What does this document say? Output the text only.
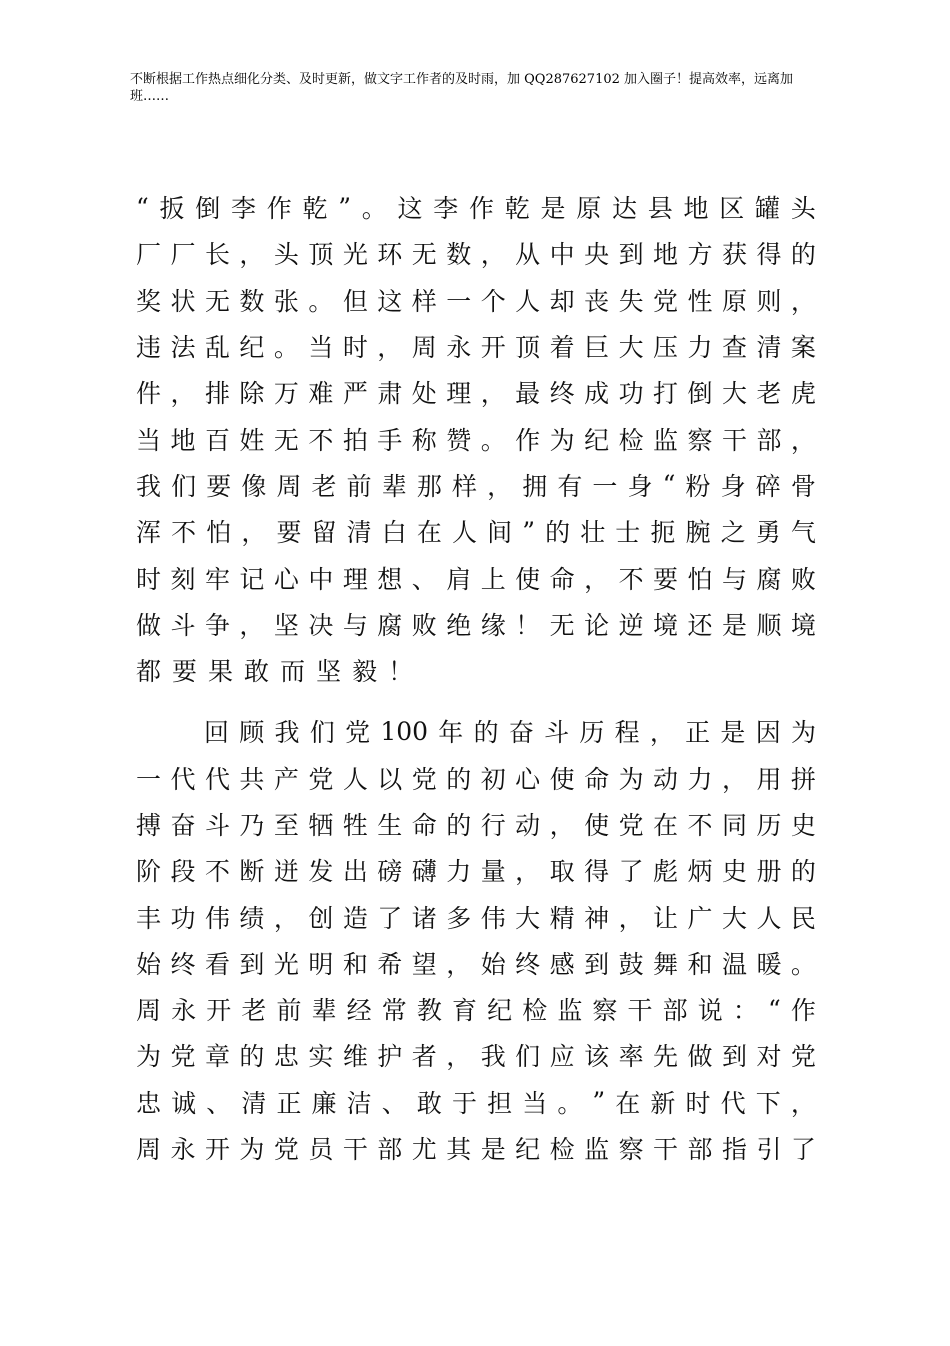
不断根据工作热点细化分类、及时更新，做文字工作者的及时雨，加 QQ287627102 加入圈子！提高效率，远离加班……
“ 扳 倒 李 作 乾 ” 。 这 李 作 乾 是 原 达 县 地 区 罐 头
厂 厂 长 ， 头 顶 光 环 无 数 ， 从 中 央 到 地 方 获 得 的
奖 状 无 数 张 。 但 这 样 一 个 人 却 丧 失 党 性 原 则 ，
违 法 乱 纪 。 当 时 ， 周 永 开 顶 着 巨 大 压 力 查 清 案
件 ， 排 除 万 难 严 肃 处 理 ， 最 终 成 功 打 倒 大 老 虎
当 地 百 姓 无 不 拍 手 称 赞 。 作 为 纪 检 监 察 干 部 ，
我 们 要 像 周 老 前 辈 那 样 ， 拥 有 一 身 “ 粉 身 碎 骨
浑 不 怕 ， 要 留 清 白 在 人 间 ” 的 壮 士 扼 腕 之 勇 气
时 刻 牢 记 心 中 理 想 、 肩 上 使 命 ， 不 要 怕 与 腐 败
做 斗 争 ， 坚 决 与 腐 败 绝 缘 ！ 无 论 逆 境 还 是 顺 境
都 要 果 敢 而 坚 毅 ！
回 顾 我 们 党 100 年 的 奋 斗 历 程 ， 正 是 因 为
一 代 代 共 产 党 人 以 党 的 初 心 使 命 为 动 力 ， 用 拼
搏 奋 斗 乃 至 牺 牲 生 命 的 行 动 ， 使 党 在 不 同 历 史
阶 段 不 断 迸 发 出 磅 礴 力 量 ， 取 得 了 彪 炳 史 册 的
丰 功 伟 绩 ， 创 造 了 诸 多 伟 大 精 神 ， 让 广 大 人 民
始 终 看 到 光 明 和 希 望 ， 始 终 感 到 鼓 舞 和 温 暖 。
周 永 开 老 前 辈 经 常 教 育 纪 检 监 察 干 部 说 ： “ 作
为 党 章 的 忠 实 维 护 者 ， 我 们 应 该 率 先 做 到 对 党
忠 诚 、 清 正 廉 洁 、 敢 于 担 当 。 ” 在 新 时 代 下 ，
周 永 开 为 党 员 干 部 尤 其 是 纪 检 监 察 干 部 指 引 了
